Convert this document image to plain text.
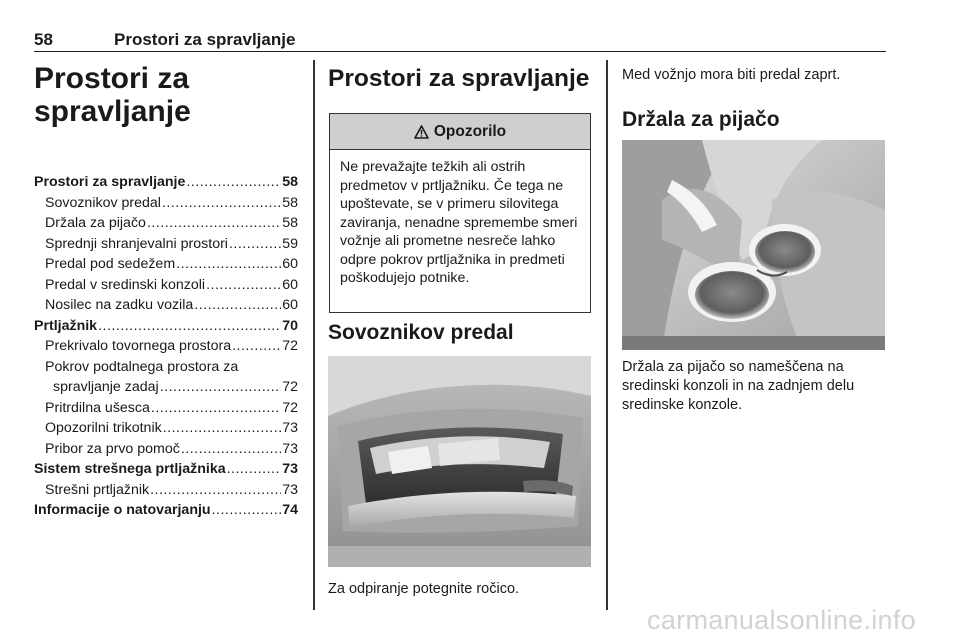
58	Prostori za spravljanje
Prostori za spravljanje
Prostori za spravljanje .....	58
Sovoznikov predal .....	58
Držala za pijačo .....	58
Sprednji shranjevalni prostori .....	59
Predal pod sedežem .....	60
Predal v sredinski konzoli .....	60
Nosilec na zadku vozila .....	60
Prtljažnik .....	70
Prekrivalo tovornega prostora .....	72
Pokrov podtalnega prostora za
spravljanje zadaj .....	72
Pritrdilna ušesca .....	72
Opozorilni trikotnik .....	73
Pribor za prvo pomoč .....	73
Sistem strešnega prtljažnika .....	73
Strešni prtljažnik .....	73
Informacije o natovarjanju .....	74
Prostori za spravljanje
Opozorilo
Ne prevažajte težkih ali ostrih predmetov v prtljažniku. Če tega ne upoštevate, se v primeru silovitega zaviranja, nenadne spremembe smeri vožnje ali prometne nesreče lahko odpre pokrov prtljažnika in predmeti poškodujejo potnike.
Sovoznikov predal
Za odpiranje potegnite ročico.
Med vožnjo mora biti predal zaprt.
Držala za pijačo
Držala za pijačo so nameščena na sredinski konzoli in na zadnjem delu sredinske konzole.
carmanualsonline.info
